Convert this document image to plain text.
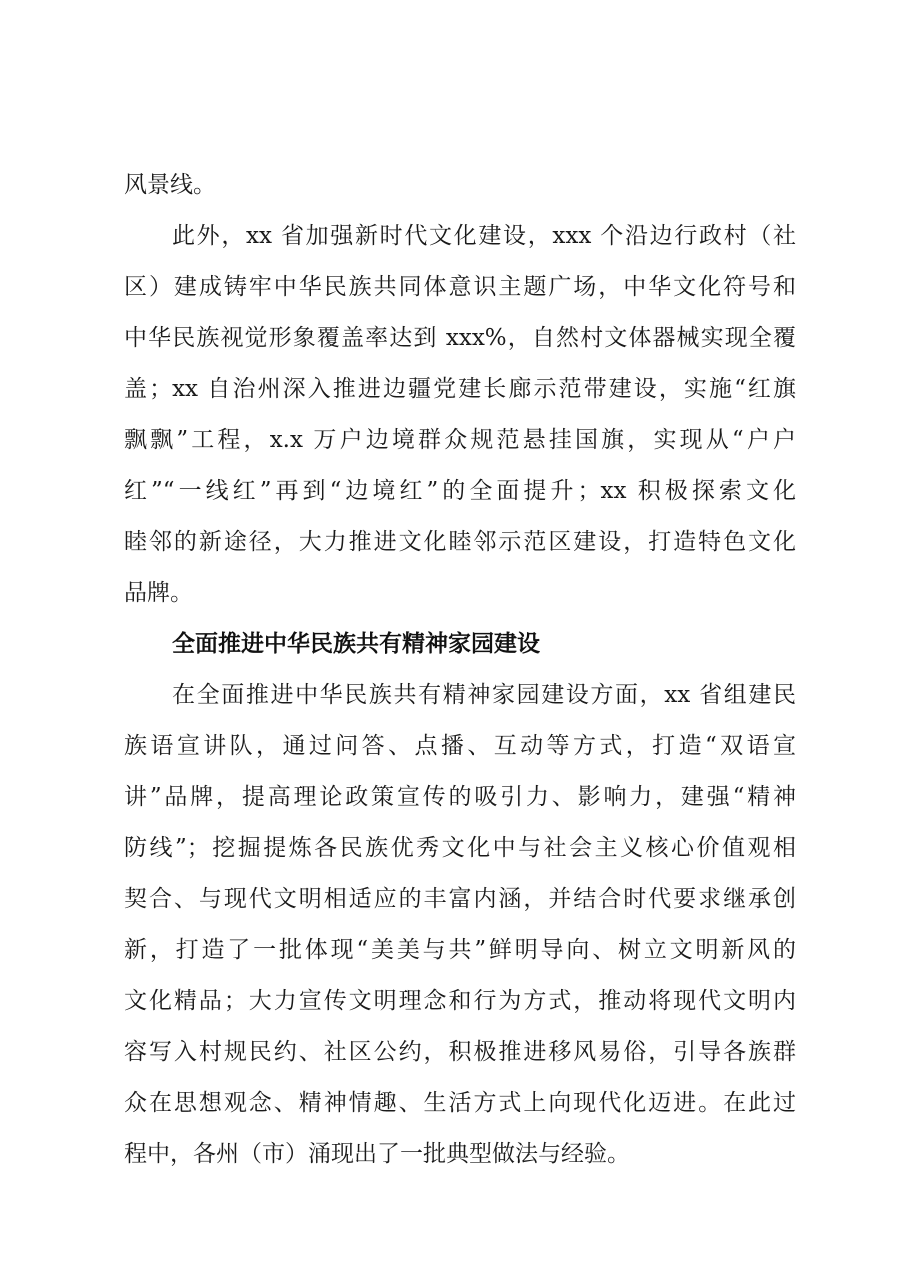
风景线。
此外，xx 省加强新时代文化建设，xxx 个沿边行政村（社
区）建成铸牢中华民族共同体意识主题广场，中华文化符号和
中华民族视觉形象覆盖率达到 xxx%，自然村文体器械实现全覆
盖；xx 自治州深入推进边疆党建长廊示范带建设，实施“红旗
飘飘”工程，x.x 万户边境群众规范悬挂国旗，实现从“户户
红”“一线红”再到“边境红”的全面提升；xx 积极探索文化
睦邻的新途径，大力推进文化睦邻示范区建设，打造特色文化
品牌。
全面推进中华民族共有精神家园建设
在全面推进中华民族共有精神家园建设方面，xx 省组建民
族语宣讲队，通过问答、点播、互动等方式，打造“双语宣
讲”品牌，提高理论政策宣传的吸引力、影响力，建强“精神
防线”；挖掘提炼各民族优秀文化中与社会主义核心价值观相
契合、与现代文明相适应的丰富内涵，并结合时代要求继承创
新，打造了一批体现“美美与共”鲜明导向、树立文明新风的
文化精品；大力宣传文明理念和行为方式，推动将现代文明内
容写入村规民约、社区公约，积极推进移风易俗，引导各族群
众在思想观念、精神情趣、生活方式上向现代化迈进。在此过
程中，各州（市）涌现出了一批典型做法与经验。
